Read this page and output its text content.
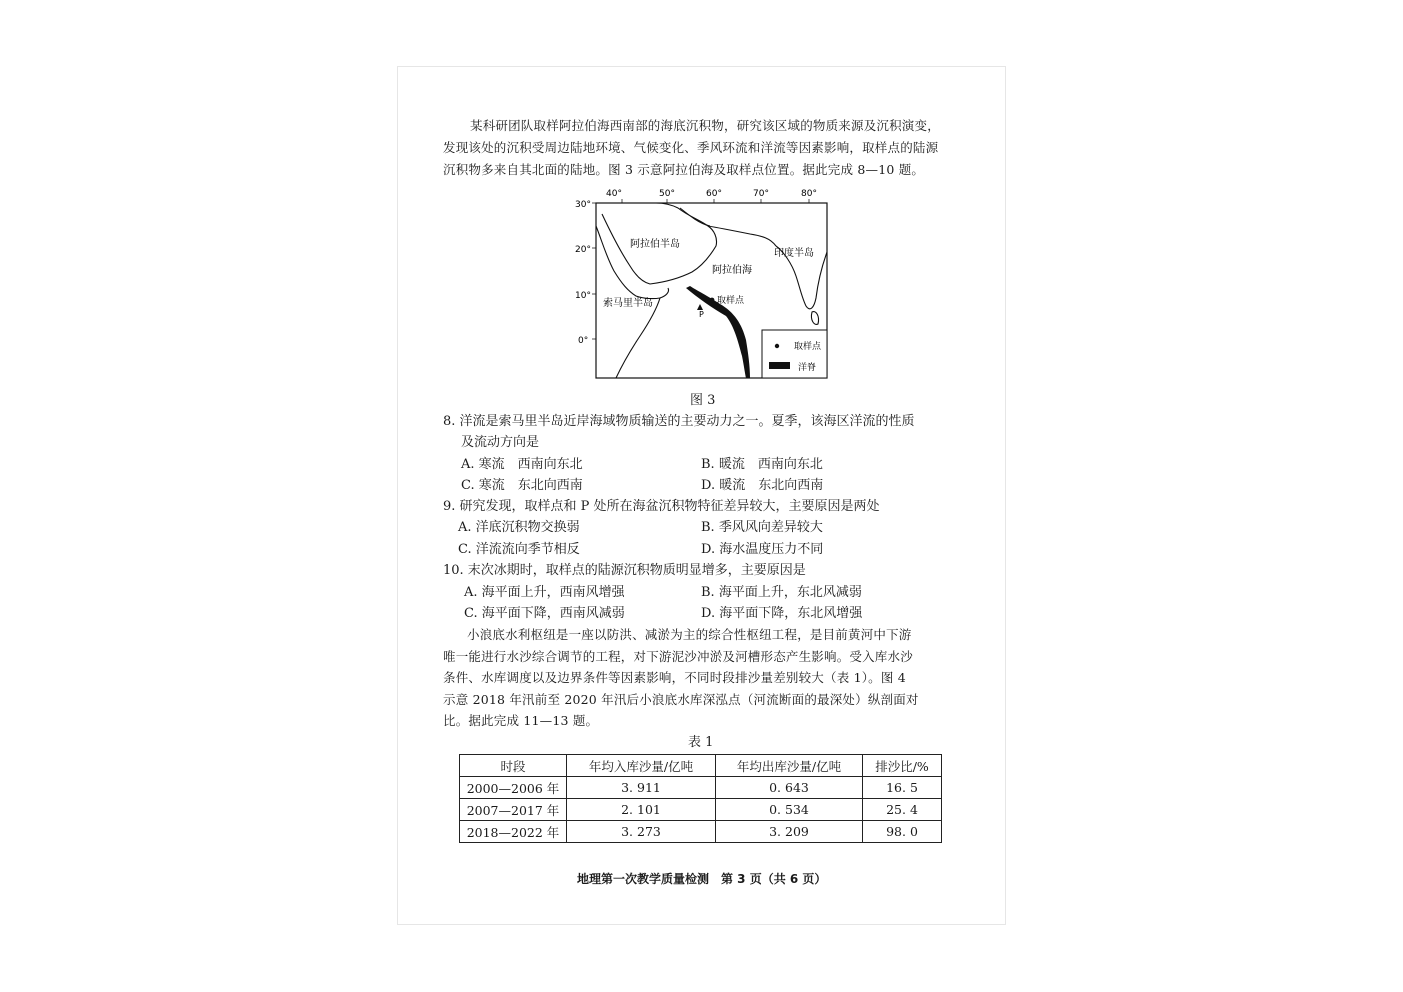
某科研团队取样阿拉伯海西南部的海底沉积物，研究该区域的物质来源及沉积演变，
发现该处的沉积受周边陆地环境、气候变化、季风环流和洋流等因素影响，取样点的陆源
沉积物多来自其北面的陆地。图 3 示意阿拉伯海及取样点位置。据此完成 8—10 题。
40°	50°	60°	70°	80°
30°
20°
10°
0°
阿拉伯半岛
印度半岛
阿拉伯海
索马里半岛	取样点
P
取样点
洋脊
图 3
8. 洋流是索马里半岛近岸海域物质输送的主要动力之一。夏季，该海区洋流的性质
及流动方向是
A. 寒流　西南向东北	B. 暖流　西南向东北
C. 寒流　东北向西南	D. 暖流　东北向西南
9. 研究发现，取样点和 P 处所在海盆沉积物特征差异较大，主要原因是两处
A. 洋底沉积物交换弱	B. 季风风向差异较大
C. 洋流流向季节相反	D. 海水温度压力不同
10. 末次冰期时，取样点的陆源沉积物质明显增多，主要原因是
A. 海平面上升，西南风增强	B. 海平面上升，东北风减弱
C. 海平面下降，西南风减弱	D. 海平面下降，东北风增强
小浪底水利枢纽是一座以防洪、减淤为主的综合性枢纽工程，是目前黄河中下游
唯一能进行水沙综合调节的工程，对下游泥沙冲淤及河槽形态产生影响。受入库水沙
条件、水库调度以及边界条件等因素影响，不同时段排沙量差别较大（表 1）。图 4
示意 2018 年汛前至 2020 年汛后小浪底水库深泓点（河流断面的最深处）纵剖面对
比。据此完成 11—13 题。
表 1
时段	年均入库沙量/亿吨	年均出库沙量/亿吨	排沙比/%
2000—2006 年	3. 911	0. 643	16. 5
2007—2017 年	2. 101	0. 534	25. 4
2018—2022 年	3. 273	3. 209	98. 0
地理第一次教学质量检测　第 3 页（共 6 页）
